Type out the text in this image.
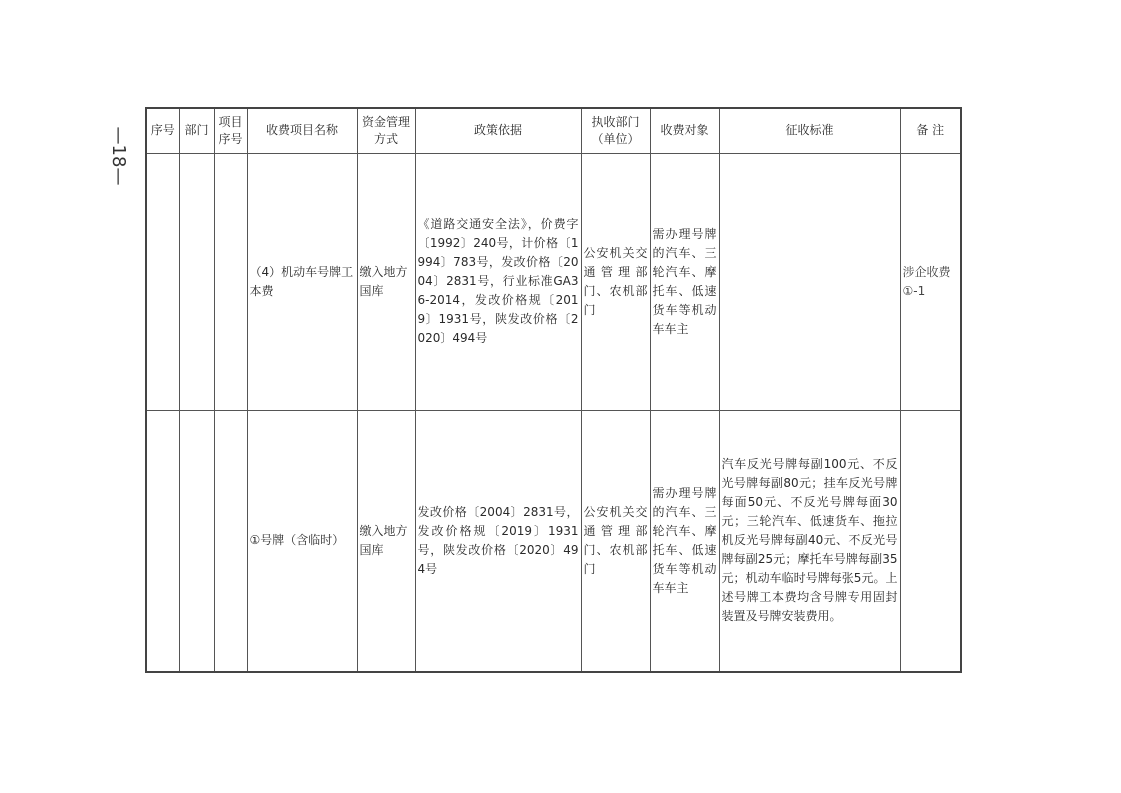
—18—	序号	部门	项目序号	收费项目名称	资金管理方式	政策依据	执收部门（单位）	收费对象	征收标准	备 注
			（4）机动车号牌工本费	缴入地方国库	《道路交通安全法》，价费字〔1992〕240号，计价格〔1994〕783号，发改价格〔2004〕2831号，行业标准GA36-2014，发改价格规〔2019〕1931号，陕发改价格〔2020〕494号	公安机关交通管理部门、农机部门	需办理号牌的汽车、三轮汽车、摩托车、低速货车等机动车车主		涉企收费①-1
			①号牌（含临时）	缴入地方国库	发改价格〔2004〕2831号，发改价格规〔2019〕1931号，陕发改价格〔2020〕494号	公安机关交通管理部门、农机部门	需办理号牌的汽车、三轮汽车、摩托车、低速货车等机动车车主	汽车反光号牌每副100元、不反光号牌每副80元；挂车反光号牌每面50元、不反光号牌每面30元；三轮汽车、低速货车、拖拉机反光号牌每副40元、不反光号牌每副25元；摩托车号牌每副35元；机动车临时号牌每张5元。上述号牌工本费均含号牌专用固封装置及号牌安装费用。	
